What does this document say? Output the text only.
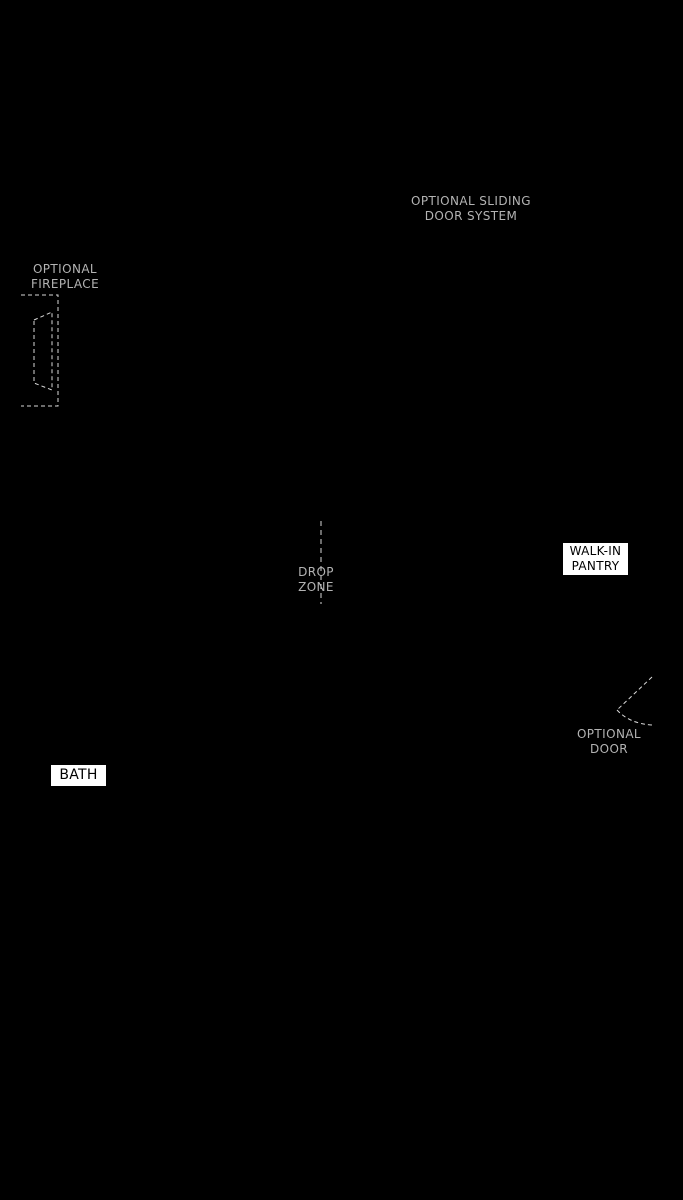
OPTIONAL SLIDING
DOOR SYSTEM
OPTIONAL
FIREPLACE
DROP
ZONE
OPTIONAL
DOOR
WALK-IN
PANTRY
BATH
